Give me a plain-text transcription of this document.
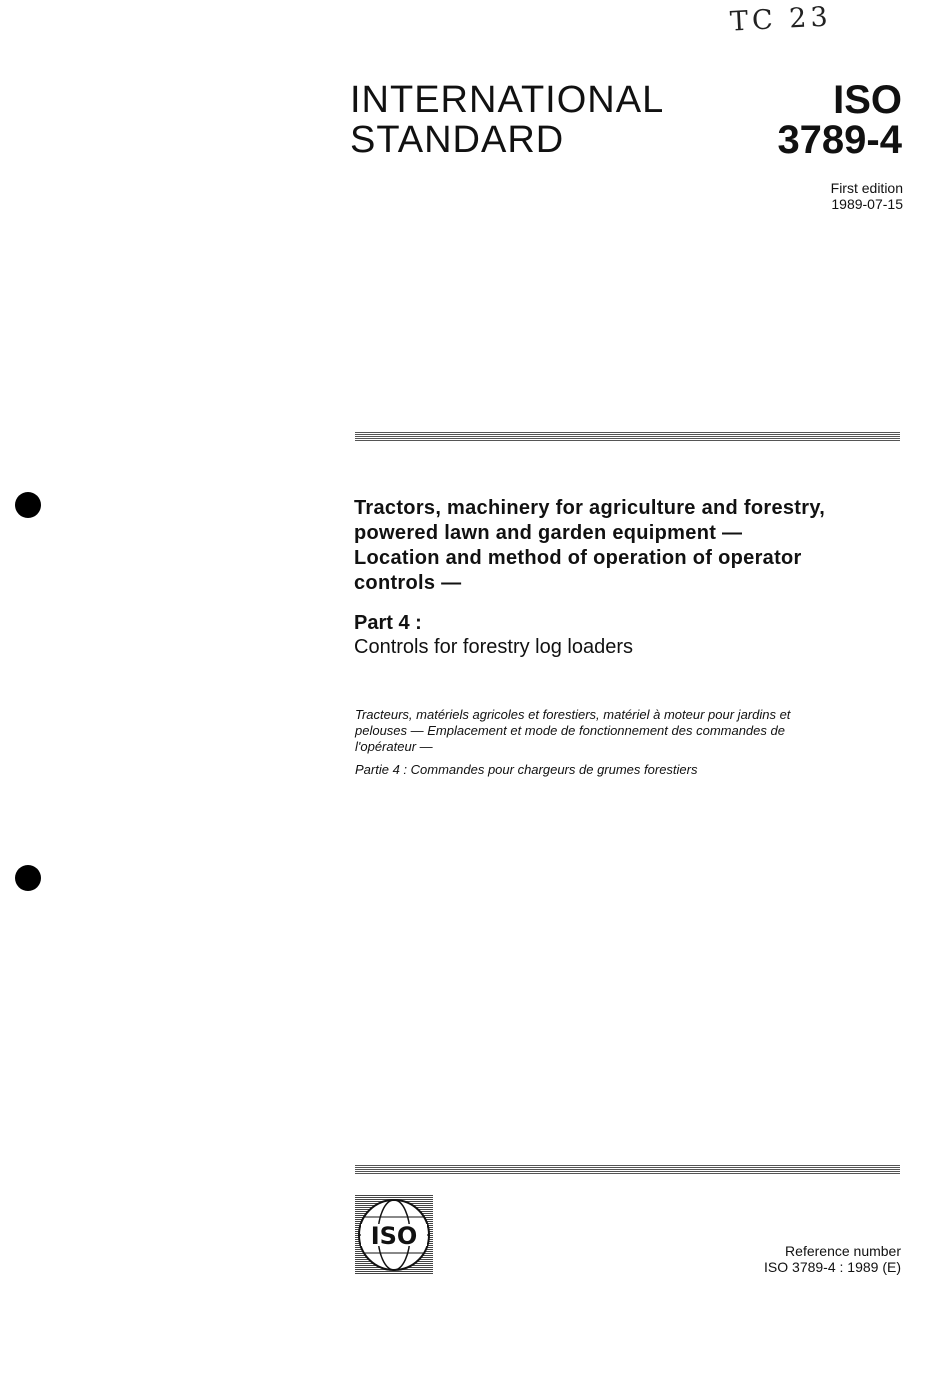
TC 23
INTERNATIONAL
STANDARD
ISO
3789-4
First edition
1989-07-15
Tractors, machinery for agriculture and forestry,
powered lawn and garden equipment —
Location and method of operation of operator
controls —
Part 4 :
Controls for forestry log loaders
Tracteurs, matériels agricoles et forestiers, matériel à moteur pour jardins et
pelouses — Emplacement et mode de fonctionnement des commandes de
l'opérateur —
Partie 4 : Commandes pour chargeurs de grumes forestiers
ISO
Reference number
ISO 3789-4 : 1989 (E)
